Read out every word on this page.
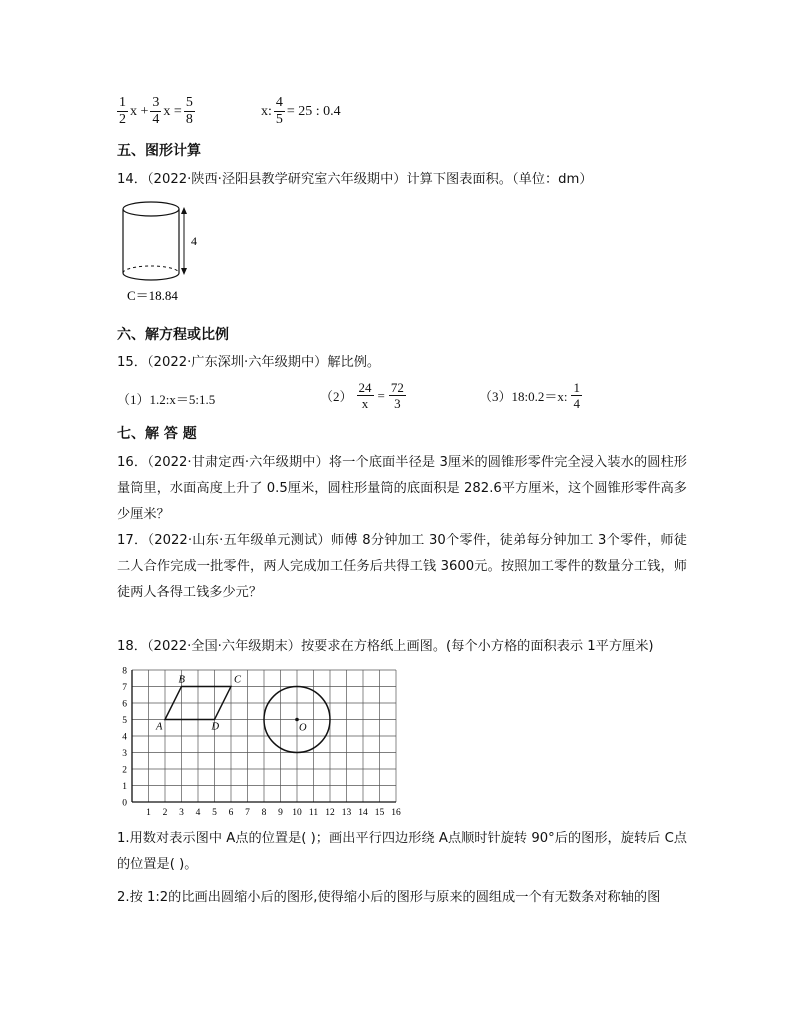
$\frac{1}{2}$ $x + \frac{3}{4}$ $x = \frac{5}{8}$	x: $\frac{4}{5} = 25$ : 0.4
五、图形计算
14．（2022·陕西·泾阳县教学研究室六年级期中）计算下图表面积。（单位：dm）
4
C＝18.84
六、解方程或比例
15．（2022·广东深圳·六年级期中）解比例。
（1）1.2:x＝5:1.5	$(2) \frac{24}{x} = \frac{72}{3}$	（3）18:0.2＝x: $\frac{1}{4}$
七、解 答 题
16．（2022·甘肃定西·六年级期中）将一个底面半径是 3厘米的圆锥形零件完全浸入装水的圆柱形量筒里，水面高度上升了 0.5厘米，圆柱形量筒的底面积是 282.6平方厘米，这个圆锥形零件高多少厘米？
17．（2022·山东·五年级单元测试）师傅 8分钟加工 30个零件，徒弟每分钟加工 3个零件，师徒二人合作完成一批零件，两人完成加工任务后共得工钱 3600元。按照加工零件的数量分工钱，师徒两人各得工钱多少元？
18．（2022·全国·六年级期末）按要求在方格纸上画图。(每个小方格的面积表示 1平方厘米)
1 2 3 4 5 6 7 8 9 10 11 12 13 14 15 16
0
1
2
3
4
5
6
7
8
A
B	C
D	O
1.用数对表示图中 A点的位置是( )；画出平行四边形绕 A点顺时针旋转 90°后的图形，旋转后 C点的位置是( )。
2.按 1:2的比画出圆缩小后的图形,使得缩小后的图形与原来的圆组成一个有无数条对称轴的图
